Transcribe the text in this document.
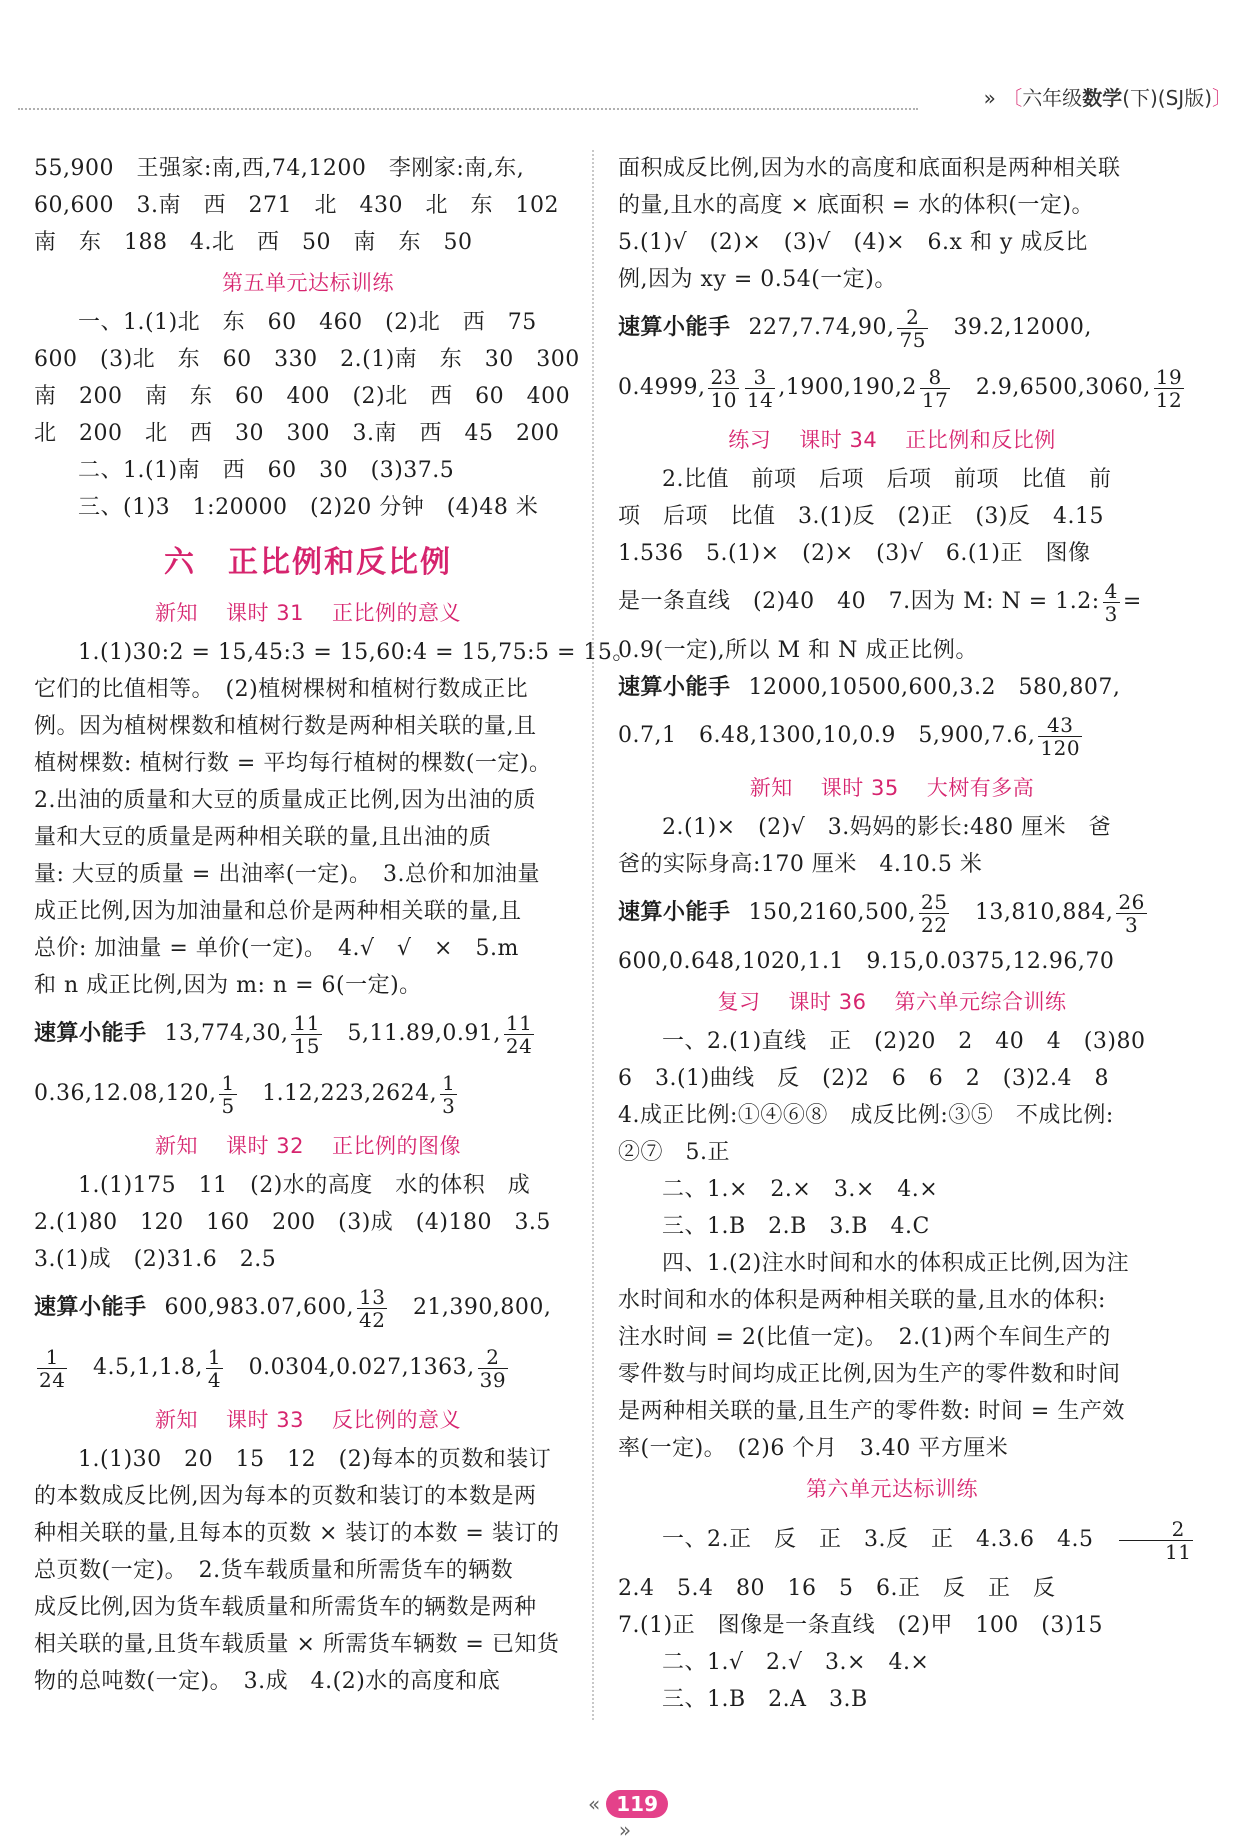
» 〔六年级数学(下)(SJ版)〕

55,900　王强家:南,西,74,1200　李刚家:南,东,

60,600　3.南　西　271　北　430　北　东　102

南　东　188　4.北　西　50　南　东　50

第五单元达标训练

一、1.(1)北　东　60　460　(2)北　西　75

600　(3)北　东　60　330　2.(1)南　东　30　300

南　200　南　东　60　400　(2)北　西　60　400

北　200　北　西　30　300　3.南　西　45　200

二、1.(1)南　西　60　30　(3)37.5

三、(1)3　1:20000　(2)20 分钟　(4)48 米

六　正比例和反比例
新知 课时 31 正比例的意义

1.(1)30:2 = 15,45:3 = 15,60:4 = 15,75:5 = 15。

它们的比值相等。　(2)植树棵树和植树行数成正比

例。因为植树棵数和植树行数是两种相关联的量,且

植树棵数: 植树行数 = 平均每行植树的棵数(一定)。

2.出油的质量和大豆的质量成正比例,因为出油的质

量和大豆的质量是两种相关联的量,且出油的质

量: 大豆的质量 = 出油率(一定)。　3.总价和加油量

成正比例,因为加油量和总价是两种相关联的量,且

总价: 加油量 = 单价(一定)。　4.√　√　×　5.m

和 n 成正比例,因为 m: n = 6(一定)。

速算小能手 13,774,30, $\frac{11}{15}$
　 5,11.89,0.91, $\frac{11}{24}$

0.36,12.08,120, $\frac{1}{5}$
　 1.12,223,2624, $\frac{1}{3}$

新知 课时 32 正比例的图像

1.(1)175　11　(2)水的高度　水的体积　成

2.(1)80　120　160　200　(3)成　(4)180　3.5

3.(1)成　(2)31.6　2.5

速算小能手 600,983.07,600, $\frac{13}{42}$
　 21,390,800,

$\frac{1}{24}$
　 4.5,1,1.8, $\frac{1}{4}$
　 0.0304,0.027,1363, $\frac{2}{39}$

新知 课时 33 反比例的意义

1.(1)30　20　15　12　(2)每本的页数和装订

的本数成反比例,因为每本的页数和装订的本数是两

种相关联的量,且每本的页数 × 装订的本数 = 装订的

总页数(一定)。　2.货车载质量和所需货车的辆数

成反比例,因为货车载质量和所需货车的辆数是两种

相关联的量,且货车载质量 × 所需货车辆数 = 已知货

物的总吨数(一定)。　3.成　4.(2)水的高度和底

面积成反比例,因为水的高度和底面积是两种相关联

的量,且水的高度 × 底面积 = 水的体积(一定)。

5.(1)√　(2)×　(3)√　(4)×　6.x 和 y 成反比

例,因为 xy = 0.54(一定)。

速算小能手 227,7.74,90, $\frac{2}{75}$
　 39.2,12000,

0.4999, $\frac{23}{10} \frac{3}{14} ,1900,190,2 \frac{8}{17}$
　 2.9,6500,3060, $\frac{19}{12}$

练习 课时 34 正比例和反比例

2.比值　前项　后项　后项　前项　比值　前

项　后项　比值　3.(1)反　(2)正　(3)反　4.15

1.536　5.(1)×　(2)×　(3)√　6.(1)正　图像

是一条直线　(2)40　40　7.因为 M: N = 1.2: $\frac{4}{3}$ =

0.9(一定),所以 M 和 N 成正比例。

速算小能手 12000,10500,600,3.2　580,807,

0.7,1　6.48,1300,10,0.9　5,900,7.6, $\frac{43}{120}$

新知 课时 35 大树有多高

2.(1)×　(2)√　3.妈妈的影长:480 厘米　爸

爸的实际身高:170 厘米　4.10.5 米

速算小能手 150,2160,500, $\frac{25}{22}$
　 13,810,884, $\frac{26}{3}$

600,0.648,1020,1.1　9.15,0.0375,12.96,70

复习 课时 36 第六单元综合训练

一、2.(1)直线　正　(2)20　2　40　4　(3)80

6　3.(1)曲线　反　(2)2　6　6　2　(3)2.4　8

4.成正比例:①④⑥⑧　成反比例:③⑤　不成比例:

②⑦　5.正

二、1.×　2.×　3.×　4.×

三、1.B　2.B　3.B　4.C

四、1.(2)注水时间和水的体积成正比例,因为注

水时间和水的体积是两种相关联的量,且水的体积:

注水时间 = 2(比值一定)。　2.(1)两个车间生产的

零件数与时间均成正比例,因为生产的零件数和时间

是两种相关联的量,且生产的零件数: 时间 = 生产效

率(一定)。　(2)6 个月　3.40 平方厘米

第六单元达标训练

一、2.正　反　正　3.反　正　4.3.6　4.5　 $\frac{2}{11}$

2.4　5.4　80　16　5　6.正　反　正　反

7.(1)正　图像是一条直线　(2)甲　100　(3)15

二、1.√　2.√　3.×　4.×

三、1.B　2.A　3.B

« 119»
